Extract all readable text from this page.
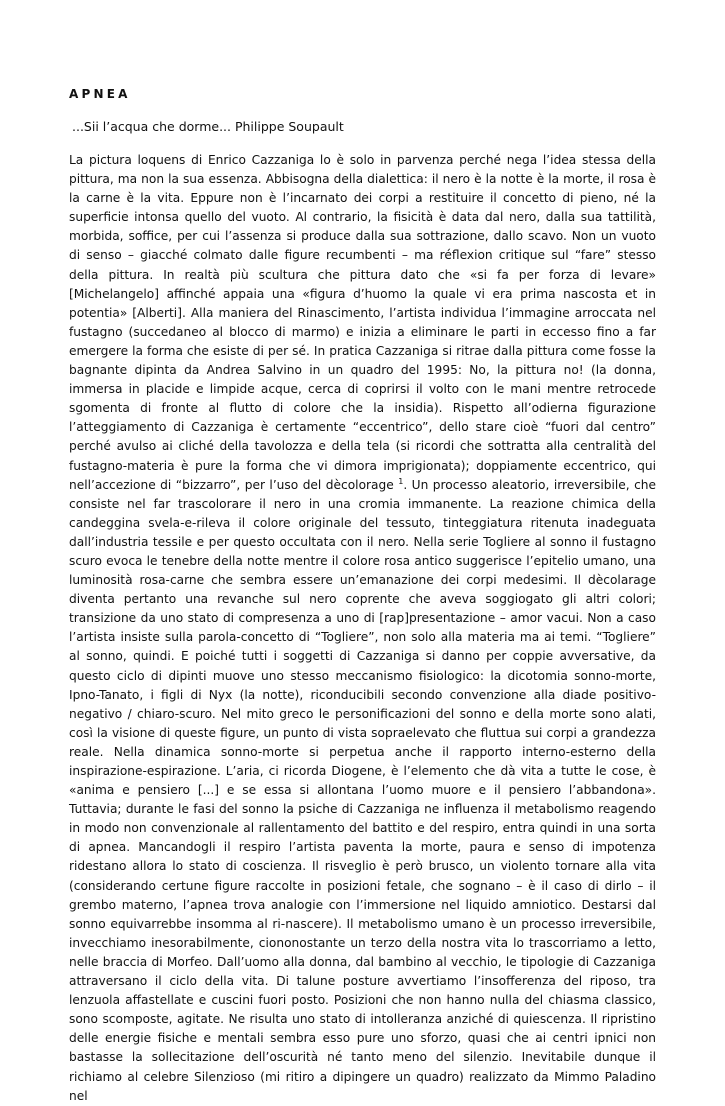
APNEA
...Sii l’acqua che dorme... Philippe Soupault

La pictura loquens di Enrico Cazzaniga lo è solo in parvenza perché nega l’idea stessa della pittura, ma non la sua essenza. Abbisogna della dialettica: il nero è la notte è la morte, il rosa è la carne è la vita. Eppure non è l’incarnato dei corpi a restituire il concetto di pieno, né la superficie intonsa quello del vuoto. Al contrario, la fisicità è data dal nero, dalla sua tattilità, morbida, soffice, per cui l’assenza si produce dalla sua sottrazione, dallo scavo. Non un vuoto di senso – giacché colmato dalle figure recumbenti – ma réflexion critique sul “fare” stesso della pittura. In realtà più scultura che pittura dato che «si fa per forza di levare» [Michelangelo] affinché appaia una «figura d’huomo la quale vi era prima nascosta et in potentia» [Alberti]. Alla maniera del Rinascimento, l’artista individua l’immagine arroccata nel fustagno (succedaneo al blocco di marmo) e inizia a eliminare le parti in eccesso fino a far emergere la forma che esiste di per sé. In pratica Cazzaniga si ritrae dalla pittura come fosse la bagnante dipinta da Andrea Salvino in un quadro del 1995: No, la pittura no! (la donna, immersa in placide e limpide acque, cerca di coprirsi il volto con le mani mentre retrocede sgomenta di fronte al flutto di colore che la insidia). Rispetto all’odierna figurazione l’atteggiamento di Cazzaniga è certamente “eccentrico”, dello stare cioè “fuori dal centro” perché avulso ai cliché della tavolozza e della tela (si ricordi che sottratta alla centralità del fustagno-materia è pure la forma che vi dimora imprigionata); doppiamente eccentrico, qui nell’accezione di “bizzarro”, per l’uso del dècolorage $^1$. Un processo aleatorio, irreversibile, che consiste nel far trascolorare il nero in una cromia immanente. La reazione chimica della candeggina svela-e-rileva il colore originale del tessuto, tinteggiatura ritenuta inadeguata dall’industria tessile e per questo occultata con il nero. Nella serie Togliere al sonno il fustagno scuro evoca le tenebre della notte mentre il colore rosa antico suggerisce l’epitelio umano, una luminosità rosa-carne che sembra essere un’emanazione dei corpi medesimi. Il dècolarage diventa pertanto una revanche sul nero coprente che aveva soggiogato gli altri colori; transizione da uno stato di compresenza a uno di [rap]presentazione – amor vacui. Non a caso l’artista insiste sulla parola-concetto di “Togliere”, non solo alla materia ma ai temi. “Togliere” al sonno, quindi. E poiché tutti i soggetti di Cazzaniga si danno per coppie avversative, da questo ciclo di dipinti muove uno stesso meccanismo fisiologico: la dicotomia sonno-morte, Ipno-Tanato, i figli di Nyx (la notte), riconducibili secondo convenzione alla diade positivo-negativo / chiaro-scuro. Nel mito greco le personificazioni del sonno e della morte sono alati, così la visione di queste figure, un punto di vista sopraelevato che fluttua sui corpi a grandezza reale. Nella dinamica sonno-morte si perpetua anche il rapporto interno-esterno della inspirazione-espirazione. L’aria, ci ricorda Diogene, è l’elemento che dà vita a tutte le cose, è «anima e pensiero [...] e se essa si allontana l’uomo muore e il pensiero l’abbandona». Tuttavia; durante le fasi del sonno la psiche di Cazzaniga ne influenza il metabolismo reagendo in modo non convenzionale al rallentamento del battito e del respiro, entra quindi in una sorta di apnea. Mancandogli il respiro l’artista paventa la morte, paura e senso di impotenza ridestano allora lo stato di coscienza. Il risveglio è però brusco, un violento tornare alla vita (considerando certune figure raccolte in posizioni fetale, che sognano – è il caso di dirlo – il grembo materno, l’apnea trova analogie con l’immersione nel liquido amniotico. Destarsi dal sonno equivarrebbe insomma al ri-nascere). Il metabolismo umano è un processo irreversibile, invecchiamo inesorabilmente, ciononostante un terzo della nostra vita lo trascorriamo a letto, nelle braccia di Morfeo. Dall’uomo alla donna, dal bambino al vecchio, le tipologie di Cazzaniga attraversano il ciclo della vita. Di talune posture avvertiamo l’insofferenza del riposo, tra lenzuola affastellate e cuscini fuori posto. Posizioni che non hanno nulla del chiasma classico, sono scomposte, agitate. Ne risulta uno stato di intolleranza anziché di quiescenza. Il ripristino delle energie fisiche e mentali sembra esso pure uno sforzo, quasi che ai centri ipnici non bastasse la sollecitazione dell’oscurità né tanto meno del silenzio. Inevitabile dunque il richiamo al celebre Silenzioso (mi ritiro a dipingere un quadro) realizzato da Mimmo Paladino nel
